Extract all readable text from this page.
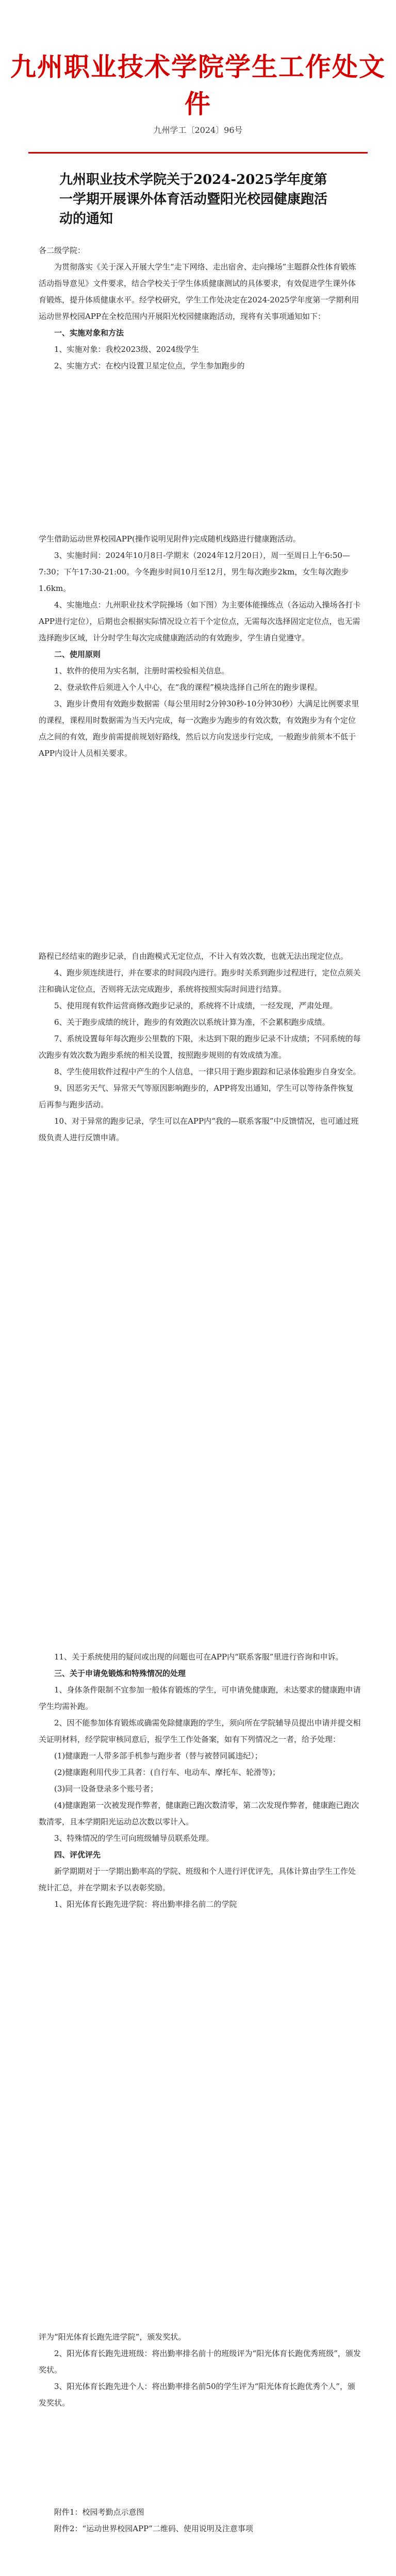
九州职业技术学院学生工作处文件
九州学工〔2024〕96号
九州职业技术学院关于2024-2025学年度第一学期开展课外体育活动暨阳光校园健康跑活动的通知

各二级学院：

为贯彻落实《关于深入开展大学生“走下网络、走出宿舍、走向操场”主题群众性体育锻炼活动指导意见》文件要求，结合学校关于学生体质健康测试的具体要求，有效促进学生课外体育锻炼，提升体质健康水平。经学校研究，学生工作处决定在2024-2025学年度第一学期利用运动世界校园APP在全校范围内开展阳光校园健康跑活动，现将有关事项通知如下：

一、实施对象和方法

1、实施对象：我校2023级、2024级学生

2、实施方式：在校内设置卫星定位点，学生参加跑步的

学生借助运动世界校园APP(操作说明见附件)完成随机线路进行健康跑活动。

3、实施时间：2024年10月8日-学期末（2024年12月20日），周一至周日上午6:50—7:30；下午17:30-21:00。今冬跑步时间10月至12月，男生每次跑步2km，女生每次跑步1.6km。

4、实施地点：九州职业技术学院操场（如下图）为主要体能操练点（各运动入操场各打卡APP进行定位），后期也会根据实际情况设立若干个定位点，无需每次选择固定定位点，也无需选择跑步区域，计分时学生每次完成健康跑活动的有效跑步，学生请自觉遵守。

二、使用原则

1、软件的使用为实名制，注册时需校验相关信息。

2、登录软件后须进入个人中心，在“我的课程”模块选择自己所在的跑步课程。

3、跑步计费用有效跑步数据需（每公里用时2分钟30秒-10分钟30秒）大满足比例要求里的课程，课程用时数据需为当天内完成，每一次跑步为跑步的有效次数，有效跑步为有个定位点之间的有效，跑步前需提前规划好路线，然后以方向发送步行完成，一般跑步前须本不低于APP内设计人员相关要求。

路程已经结束的跑步记录，自由跑模式无定位点，不计入有效次数，也就无法出现定位点。

4、跑步须连续进行，并在要求的时间段内进行。跑步时关系到跑步过程进行，定位点须关注和确认定位点，否则将无法完成跑步，系统将按照实际时间进行结算。

5、使用现有软件运营商修改跑步记录的，系统将不计成绩，一经发现，严肃处理。

6、关于跑步成绩的统计，跑步的有效跑次以系统计算为准，不会累积跑步成绩。

7、系统设置每年每次跑步公里数的下限，未达到下限的跑步记录不计成绩；不同系统的每次跑步有效次数为跑步系统的相关设置，按照跑步规则的有效成绩为准。

8、学生使用软件过程中产生的个人信息，一律只用于跑步跟踪和记录体验跑步自身安全。

9、因恶劣天气、异常天气等原因影响跑步的，APP将发出通知，学生可以等待条件恢复后再参与跑步活动。

10、对于异常的跑步记录，学生可以在APP内“我的—联系客服”中反馈情况，也可通过班级负责人进行反馈申请。

11、关于系统使用的疑问或出现的问题也可在APP内“联系客服”里进行咨询和申诉。

三、关于申请免锻炼和特殊情况的处理

1、身体条件限制不宜参加一般体育锻炼的学生，可申请免健康跑，未达要求的健康跑申请学生均需补跑。

2、因不能参加体育锻炼或确需免除健康跑的学生，须向所在学院辅导员提出申请并提交相关证明材料，经学院审核同意后，报学生工作处备案，如有下列情况之一者，给予处理：

(1)健康跑一人带多部手机参与跑步者（替与被替同属违纪）；

(2)健康跑利用代步工具者：(自行车、电动车、摩托车、轮滑等)；

(3)同一设备登录多个账号者；

(4)健康跑第一次被发现作弊者，健康跑已跑次数清零，第二次发现作弊者，健康跑已跑次数清零，且本学期阳光运动总次数以零计入。

3、特殊情况的学生可向班级辅导员联系处理。

四、评优评先

新学期期对于一学期出勤率高的学院、班级和个人进行评优评先，具体计算由学生工作处统计汇总，并在学期末予以表彰奖励。

1、阳光体育长跑先进学院：将出勤率排名前二的学院

评为“阳光体育长跑先进学院”，颁发奖状。

2、阳光体育长跑先进班级：将出勤率排名前十的班级评为“阳光体育长跑优秀班级”，颁发奖状。

3、阳光体育长跑先进个人：将出勤率排名前50的学生评为“阳光体育长跑优秀个人”，颁发奖状。

附件1：校园考勤点示意图

附件2：“运动世界校园APP”二维码、使用说明及注意事项
